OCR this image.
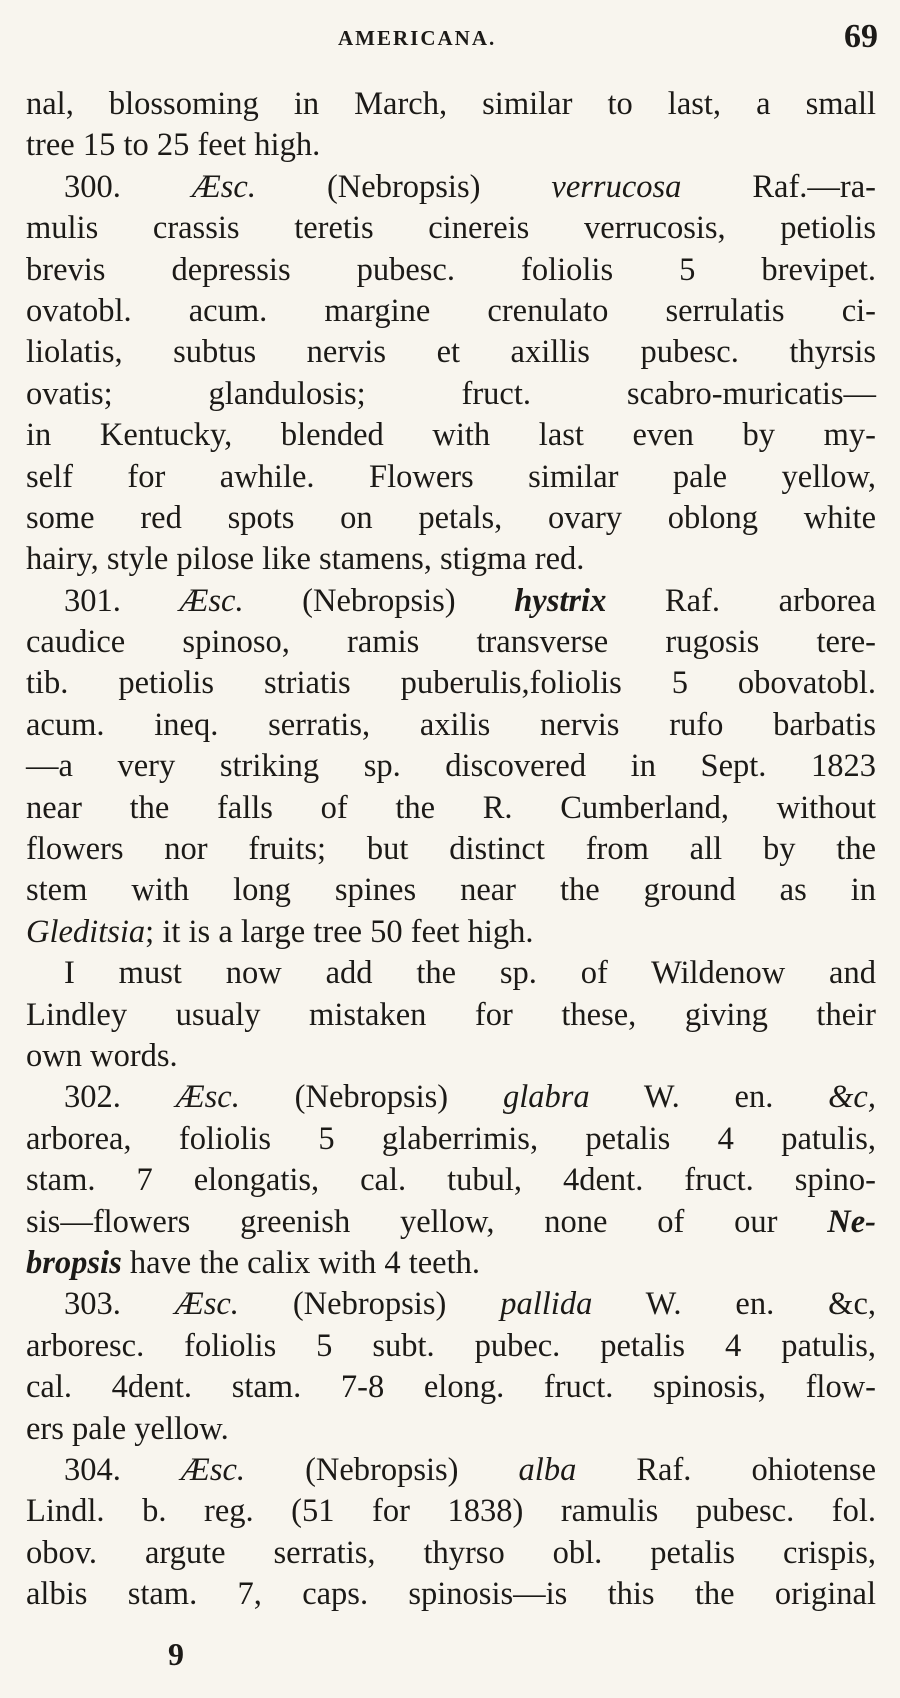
AMERICANA.	69
nal, blossoming in March, similar to last, a small
tree 15 to 25 feet high.
300. Æsc. (Nebropsis) verrucosa Raf.—ra-
mulis crassis teretis cinereis verrucosis, petiolis
brevis depressis pubesc. foliolis 5 brevipet.
ovatobl. acum. margine crenulato serrulatis ci-
liolatis, subtus nervis et axillis pubesc. thyrsis
ovatis; glandulosis; fruct. scabro-muricatis—
in Kentucky, blended with last even by my-
self for awhile. Flowers similar pale yellow,
some red spots on petals, ovary oblong white
hairy, style pilose like stamens, stigma red.
301. Æsc. (Nebropsis) hystrix Raf. arborea
caudice spinoso, ramis transverse rugosis tere-
tib. petiolis striatis puberulis,foliolis 5 obovatobl.
acum. ineq. serratis, axilis nervis rufo barbatis
—a very striking sp. discovered in Sept. 1823
near the falls of the R. Cumberland, without
flowers nor fruits; but distinct from all by the
stem with long spines near the ground as in
Gleditsia; it is a large tree 50 feet high.
I must now add the sp. of Wildenow and
Lindley usualy mistaken for these, giving their
own words.
302. Æsc. (Nebropsis) glabra W. en. &c,
arborea, foliolis 5 glaberrimis, petalis 4 patulis,
stam. 7 elongatis, cal. tubul, 4dent. fruct. spino-
sis—flowers greenish yellow, none of our Ne-
bropsis have the calix with 4 teeth.
303. Æsc. (Nebropsis) pallida W. en. &c,
arboresc. foliolis 5 subt. pubec. petalis 4 patulis,
cal. 4dent. stam. 7-8 elong. fruct. spinosis, flow-
ers pale yellow.
304. Æsc. (Nebropsis) alba Raf. ohiotense
Lindl. b. reg. (51 for 1838) ramulis pubesc. fol.
obov. argute serratis, thyrso obl. petalis crispis,
albis stam. 7, caps. spinosis—is this the original
9
